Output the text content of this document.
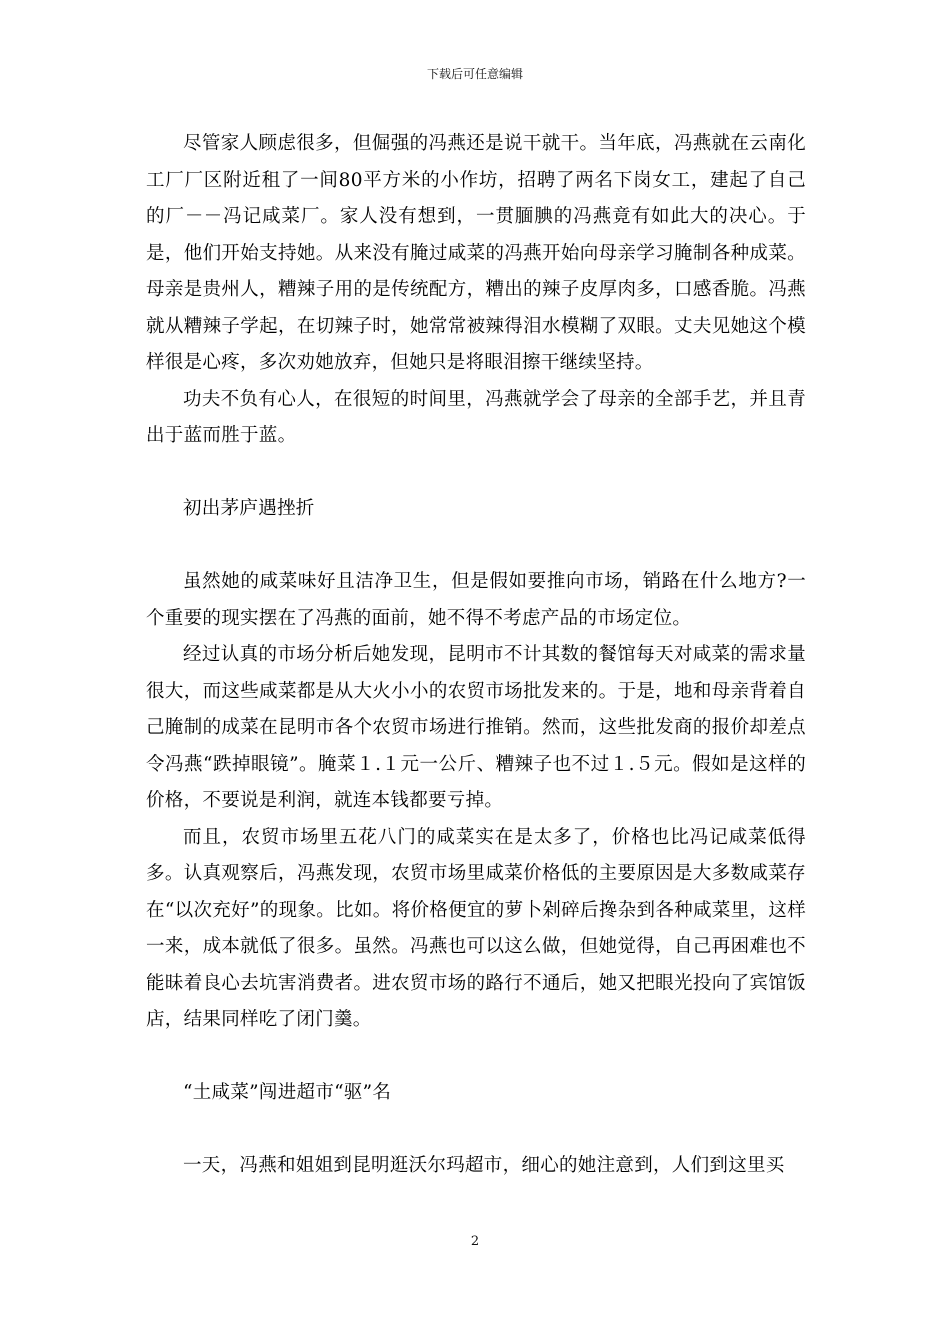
下载后可任意编辑

尽管家人顾虑很多，但倔强的冯燕还是说干就干。当年底，冯燕就在云南化工厂厂区附近租了一间80平方米的小作坊，招聘了两名下岗女工，建起了自己的厂－－冯记咸菜厂。家人没有想到，一贯腼腆的冯燕竟有如此大的决心。于是，他们开始支持她。从来没有腌过咸菜的冯燕开始向母亲学习腌制各种成菜。母亲是贵州人，糟辣子用的是传统配方，糟出的辣子皮厚肉多，口感香脆。冯燕就从糟辣子学起，在切辣子时，她常常被辣得泪水模糊了双眼。丈夫见她这个模样很是心疼，多次劝她放弃，但她只是将眼泪擦干继续坚持。

功夫不负有心人，在很短的时间里，冯燕就学会了母亲的全部手艺，并且青出于蓝而胜于蓝。

初出茅庐遇挫折

虽然她的咸菜味好且洁净卫生，但是假如要推向市场，销路在什么地方?一个重要的现实摆在了冯燕的面前，她不得不考虑产品的市场定位。

经过认真的市场分析后她发现，昆明市不计其数的餐馆每天对咸菜的需求量很大，而这些咸菜都是从大火小小的农贸市场批发来的。于是，地和母亲背着自己腌制的成菜在昆明市各个农贸市场进行推销。然而，这些批发商的报价却差点令冯燕“跌掉眼镜”。腌菜１.１元一公斤、糟辣子也不过１.５元。假如是这样的价格，不要说是利润，就连本钱都要亏掉。

而且，农贸市场里五花八门的咸菜实在是太多了，价格也比冯记咸菜低得多。认真观察后，冯燕发现，农贸市场里咸菜价格低的主要原因是大多数咸菜存在“以次充好”的现象。比如。将价格便宜的萝卜剁碎后搀杂到各种咸菜里，这样一来，成本就低了很多。虽然。冯燕也可以这么做，但她觉得，自己再困难也不能昧着良心去坑害消费者。进农贸市场的路行不通后，她又把眼光投向了宾馆饭店，结果同样吃了闭门羹。

“土咸菜”闯进超市“驱”名

一天，冯燕和姐姐到昆明逛沃尔玛超市，细心的她注意到，人们到这里买

2
